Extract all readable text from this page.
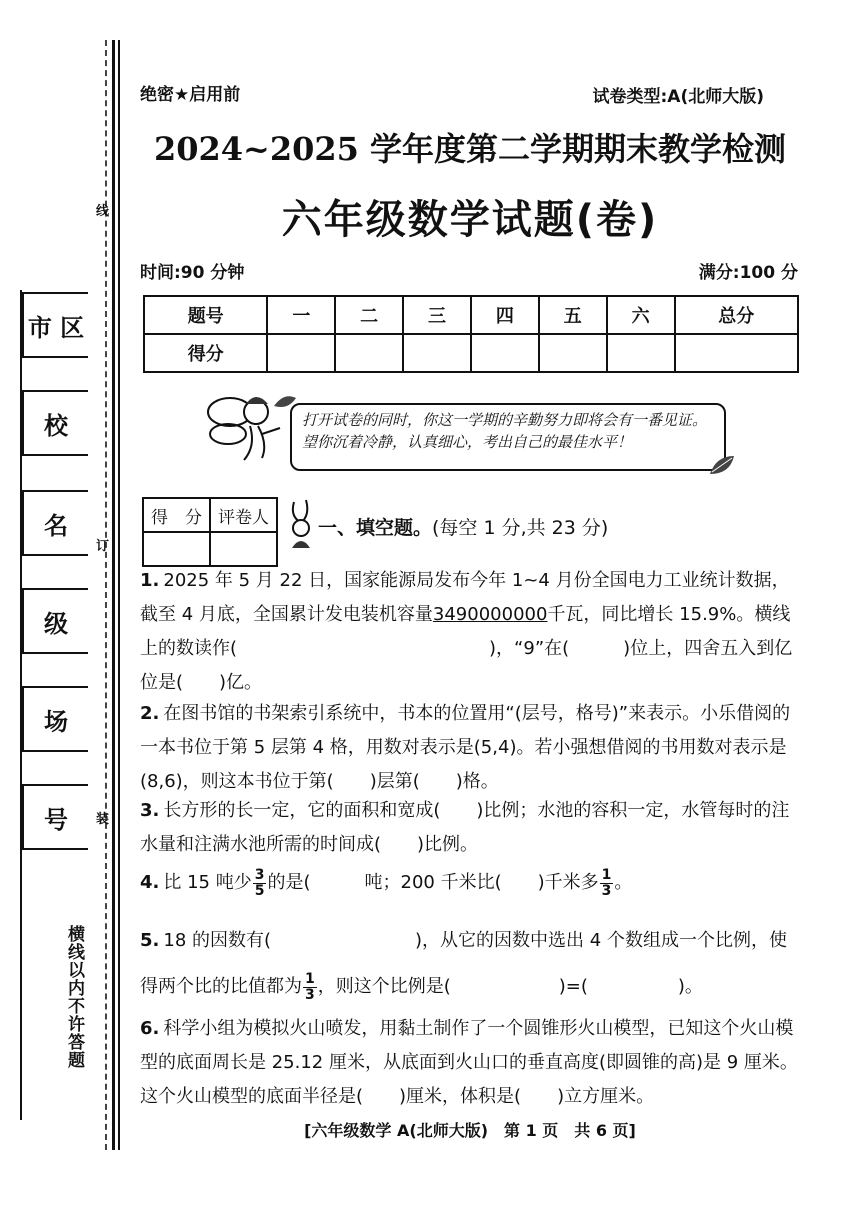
市 区
校
名
级
场
号
线
订
装
横线以内不许答题
绝密★启用前	试卷类型:A(北师大版)
2024~2025 学年度第二学期期末教学检测
六年级数学试题(卷)
时间:90 分钟	满分:100 分
题号	一	二	三	四	五	六	总分
得分							
打开试卷的同时，你这一学期的辛勤努力即将会有一番见证。望你沉着冷静，认真细心，考出自己的最佳水平！
得　分	评卷人
		一、填空题。(每空 1 分,共 23 分)
1. 2025 年 5 月 22 日，国家能源局发布今年 1~4 月份全国电力工业统计数据，截至 4 月底，全国累计发电装机容量3490000000千瓦，同比增长 15.9%。横线上的数读作(　　　　　　　　　　　　　　)，“9”在(　　　)位上，四舍五入到亿位是(　　)亿。
2. 在图书馆的书架索引系统中，书本的位置用“(层号，格号)”来表示。小乐借阅的一本书位于第 5 层第 4 格，用数对表示是(5,4)。若小强想借阅的书用数对表示是(8,6)，则这本书位于第(　　)层第(　　)格。
3. 长方形的长一定，它的面积和宽成(　　)比例；水池的容积一定，水管每时的注水量和注满水池所需的时间成(　　)比例。
4. 比 15 吨少 $\frac{3}{5}$ 的是(　　　吨；200 千米比(　　)千米多 $\frac{1}{3}$ 。
5. 18 的因数有(　　　　　　　　)，从它的因数中选出 4 个数组成一个比例，使得两个比的比值都为 $\frac{1}{3}$ ，则这个比例是(　　　　　　)=(　　　　　)。
6. 科学小组为模拟火山喷发，用黏土制作了一个圆锥形火山模型，已知这个火山模型的底面周长是 25.12 厘米，从底面到火山口的垂直高度(即圆锥的高)是 9 厘米。这个火山模型的底面半径是(　　)厘米，体积是(　　)立方厘米。
[六年级数学 A(北师大版)　第 1 页　共 6 页]
